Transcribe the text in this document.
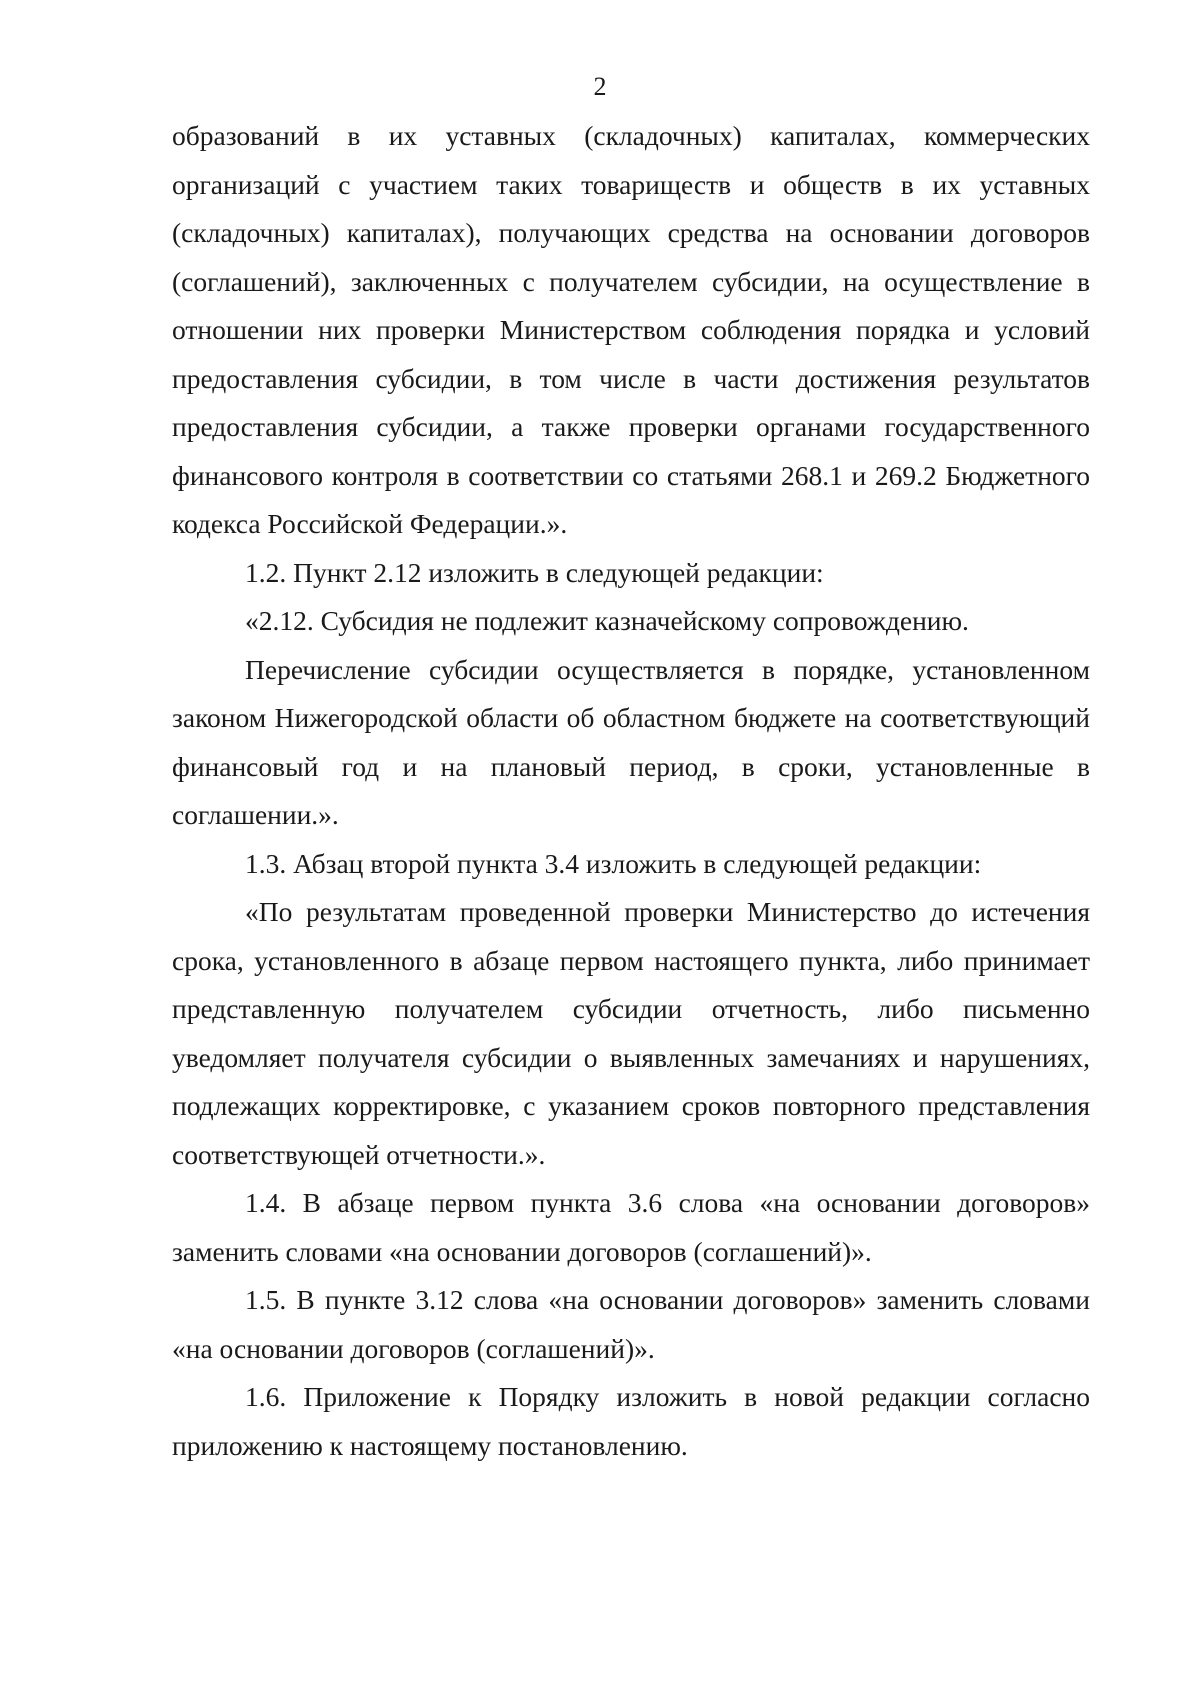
2

образований в их уставных (складочных) капиталах, коммерческих организаций с участием таких товариществ и обществ в их уставных (складочных) капиталах), получающих средства на основании договоров (соглашений), заключенных с получателем субсидии, на осуществление в отношении них проверки Министерством соблюдения порядка и условий предоставления субсидии, в том числе в части достижения результатов предоставления субсидии, а также проверки органами государственного финансового контроля в соответствии со статьями 268.1 и 269.2 Бюджетного кодекса Российской Федерации.».

1.2. Пункт 2.12 изложить в следующей редакции:

«2.12. Субсидия не подлежит казначейскому сопровождению.

Перечисление субсидии осуществляется в порядке, установленном законом Нижегородской области об областном бюджете на соответствующий финансовый год и на плановый период, в сроки, установленные в соглашении.».

1.3. Абзац второй пункта 3.4 изложить в следующей редакции:

«По результатам проведенной проверки Министерство до истечения срока, установленного в абзаце первом настоящего пункта, либо принимает представленную получателем субсидии отчетность, либо письменно уведомляет получателя субсидии о выявленных замечаниях и нарушениях, подлежащих корректировке, с указанием сроков повторного представления соответствующей отчетности.».

1.4. В абзаце первом пункта 3.6 слова «на основании договоров» заменить словами «на основании договоров (соглашений)».

1.5. В пункте 3.12 слова «на основании договоров» заменить словами «на основании договоров (соглашений)».

1.6. Приложение к Порядку изложить в новой редакции согласно приложению к настоящему постановлению.
